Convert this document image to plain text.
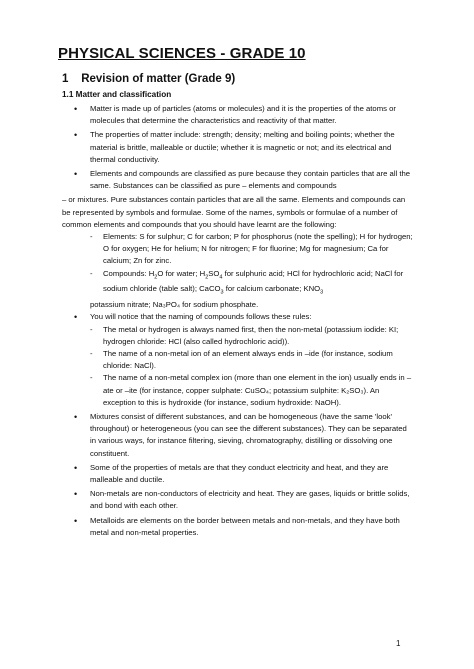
PHYSICAL SCIENCES - GRADE 10
1 Revision of matter (Grade 9)
1.1 Matter and classification
• Matter is made up of particles (atoms or molecules) and it is the properties of the atoms or molecules that determine the characteristics and reactivity of that matter.
• The properties of matter include: strength; density; melting and boiling points; whether the material is brittle, malleable or ductile; whether it is magnetic or not; and its electrical and thermal conductivity.
• Elements and compounds are classified as pure because they contain particles that are all the same. Substances can be classified as pure – elements and compounds

– or mixtures. Pure substances contain particles that are all the same. Elements and compounds can be represented by symbols and formulae. Some of the names, symbols or formulae of a number of common elements and compounds that you should have learnt are the following:

- Elements: S for sulphur; C for carbon; P for phosphorus (note the spelling); H for hydrogen; O for oxygen; He for helium; N for nitrogen; F for fluorine; Mg for magnesium; Ca for calcium; Zn for zinc.
- Compounds: $H_2O$ for water; $H_2SO_4$ for sulphuric acid; HCl for hydrochloric acid; NaCl for sodium chloride (table salt); CaCO$_3$ for calcium carbonate; $KNO_3$

potassium nitrate; Na₃PO₄ for sodium phosphate.

• You will notice that the naming of compounds follows these rules:
- The metal or hydrogen is always named first, then the non-metal (potassium iodide: KI; hydrogen chloride: HCl (also called hydrochloric acid)).
- The name of a non-metal ion of an element always ends in –ide (for instance, sodium chloride: NaCl).
- The name of a non-metal complex ion (more than one element in the ion) usually ends in –ate or –ite (for instance, copper sulphate: CuSO₄; potassium sulphite: K₂SO₃). An exception to this is hydroxide (for instance, sodium hydroxide: NaOH).
• Mixtures consist of different substances, and can be homogeneous (have the same 'look' throughout) or heterogeneous (you can see the different substances). They can be separated in various ways, for instance filtering, sieving, chromatography, distilling or dissolving one constituent.
• Some of the properties of metals are that they conduct electricity and heat, and they are malleable and ductile.
• Non-metals are non-conductors of electricity and heat. They are gases, liquids or brittle solids, and bond with each other.
• Metalloids are elements on the border between metals and non-metals, and they have both metal and non-metal properties.
1
